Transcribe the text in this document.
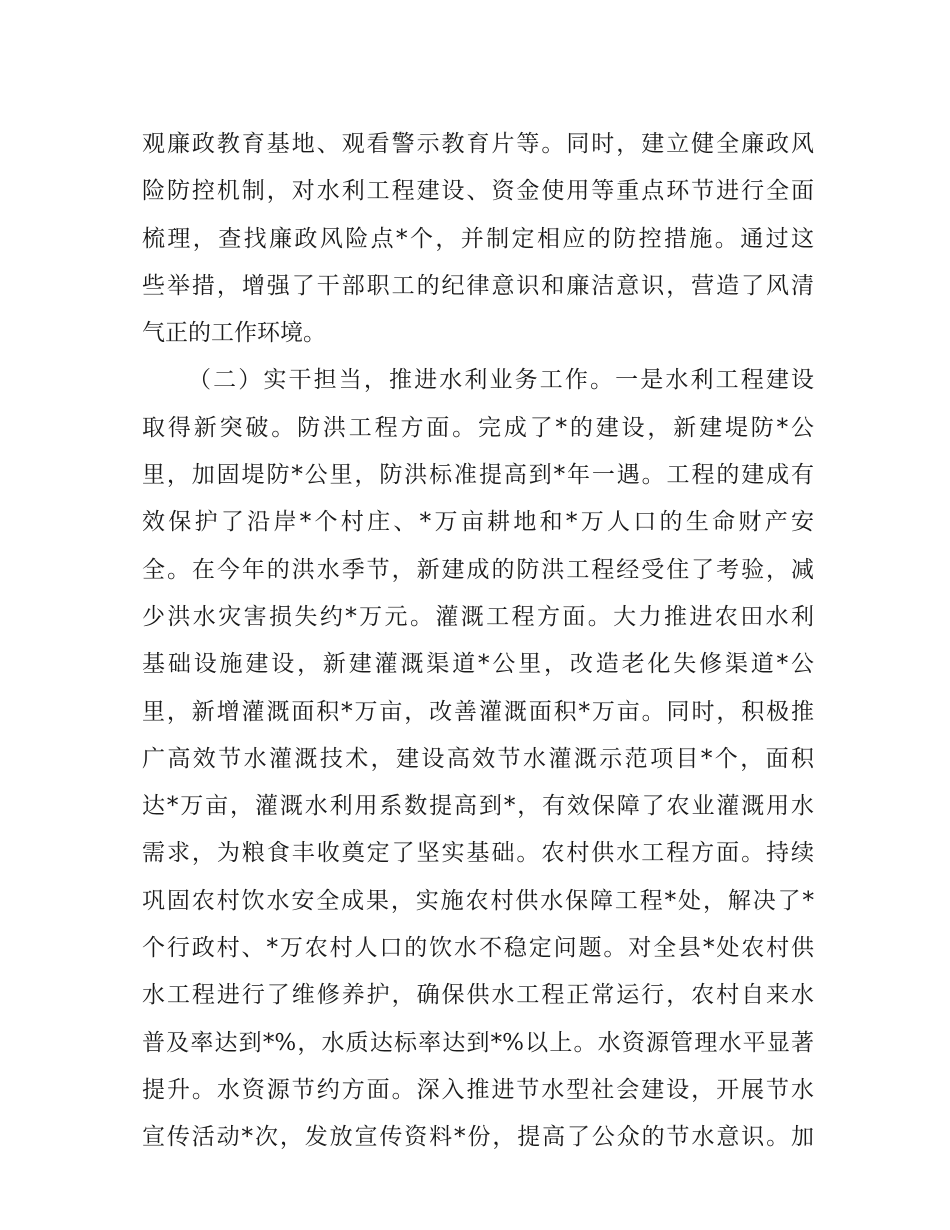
观廉政教育基地、观看警示教育片等。同时，建立健全廉政风
险防控机制，对水利工程建设、资金使用等重点环节进行全面
梳理，查找廉政风险点*个，并制定相应的防控措施。通过这
些举措，增强了干部职工的纪律意识和廉洁意识，营造了风清
气正的工作环境。
（二）实干担当，推进水利业务工作。一是水利工程建设
取得新突破。防洪工程方面。完成了*的建设，新建堤防*公
里，加固堤防*公里，防洪标准提高到*年一遇。工程的建成有
效保护了沿岸*个村庄、*万亩耕地和*万人口的生命财产安
全。在今年的洪水季节，新建成的防洪工程经受住了考验，减
少洪水灾害损失约*万元。灌溉工程方面。大力推进农田水利
基础设施建设，新建灌溉渠道*公里，改造老化失修渠道*公
里，新增灌溉面积*万亩，改善灌溉面积*万亩。同时，积极推
广高效节水灌溉技术，建设高效节水灌溉示范项目*个，面积
达*万亩，灌溉水利用系数提高到*，有效保障了农业灌溉用水
需求，为粮食丰收奠定了坚实基础。农村供水工程方面。持续
巩固农村饮水安全成果，实施农村供水保障工程*处，解决了*
个行政村、*万农村人口的饮水不稳定问题。对全县*处农村供
水工程进行了维修养护，确保供水工程正常运行，农村自来水
普及率达到*%，水质达标率达到*%以上。水资源管理水平显著
提升。水资源节约方面。深入推进节水型社会建设，开展节水
宣传活动*次，发放宣传资料*份，提高了公众的节水意识。加
